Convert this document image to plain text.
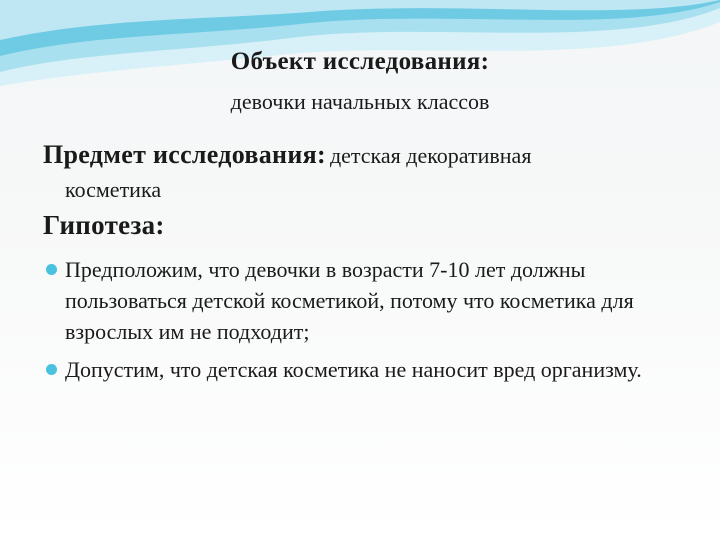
Объект исследования:
девочки начальных классов
Предмет исследования: детская декоративная
косметика
Гипотеза:
Предположим, что девочки в возрасти 7-10 лет должны пользоваться детской косметикой, потому что косметика для взрослых им не подходит;
Допустим, что детская косметика не наносит вред организму.
